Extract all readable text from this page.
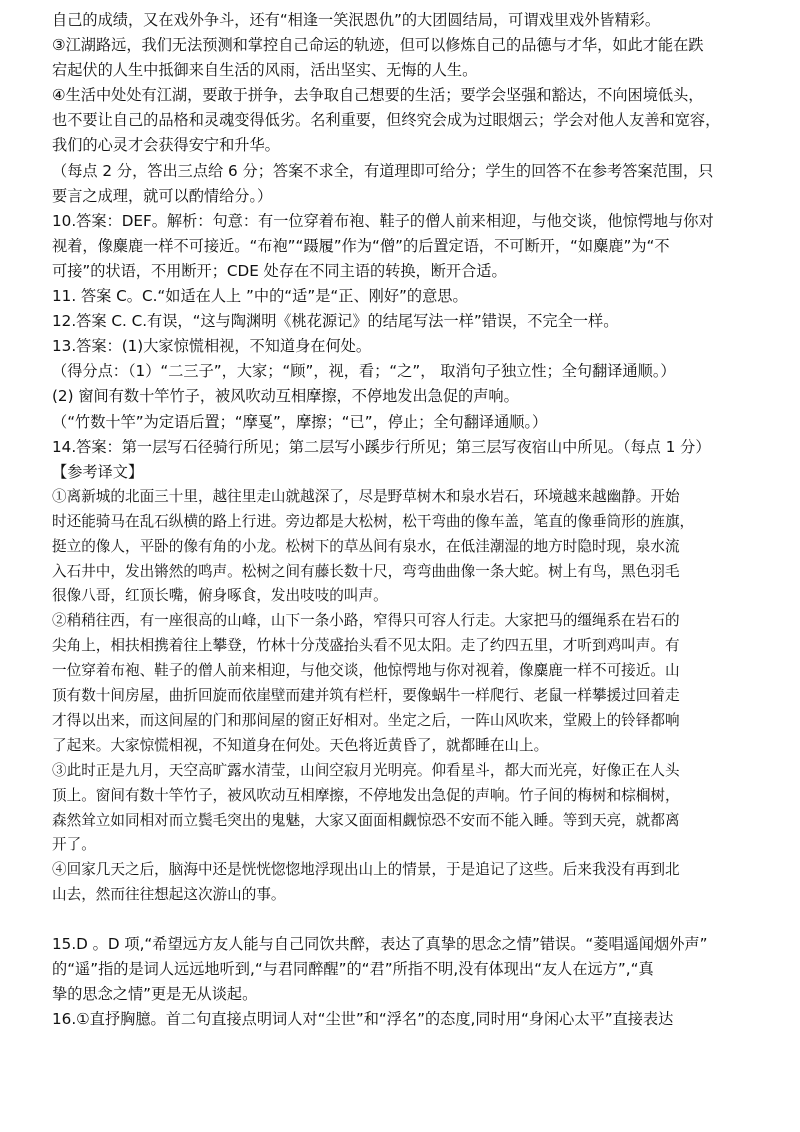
自己的成绩，又在戏外争斗，还有“相逢一笑泯恩仇”的大团圆结局，可谓戏里戏外皆精彩。
③江湖路远，我们无法预测和掌控自己命运的轨迹，但可以修炼自己的品德与才华，如此才能在跌
宕起伏的人生中抵御来自生活的风雨，活出坚实、无悔的人生。
④生活中处处有江湖，要敢于拼争，去争取自己想要的生活；要学会坚强和豁达，不向困境低头，
也不要让自己的品格和灵魂变得低劣。名利重要，但终究会成为过眼烟云；学会对他人友善和宽容，
我们的心灵才会获得安宁和升华。
（每点 2 分，答出三点给 6 分；答案不求全，有道理即可给分；学生的回答不在参考答案范围，只
要言之成理，就可以酌情给分。）
10.答案：DEF。解析：句意：有一位穿着布袍、鞋子的僧人前来相迎，与他交谈，他惊愕地与你对
视着，像麋鹿一样不可接近。“布袍”“蹑履”作为“僧”的后置定语，不可断开，“如麋鹿”为“不
可接”的状语，不用断开；CDE 处存在不同主语的转换，断开合适。
11. 答案 C。C.“如适在人上 ”中的“适”是“正、刚好”的意思。
12.答案 C. C.有误，“这与陶渊明《桃花源记》的结尾写法一样”错误，不完全一样。
13.答案：(1)大家惊慌相视，不知道身在何处。
（得分点：（1）“二三子”，大家；“顾”，视，看；“之”， 取消句子独立性；全句翻译通顺。）
(2) 窗间有数十竿竹子，被风吹动互相摩擦，不停地发出急促的声响。
（“竹数十竿”为定语后置；“摩戛”，摩擦；“已”，停止；全句翻译通顺。）
14.答案：第一层写石径骑行所见；第二层写小蹊步行所见；第三层写夜宿山中所见。（每点 1 分）
【参考译文】
①离新城的北面三十里，越往里走山就越深了，尽是野草树木和泉水岩石，环境越来越幽静。开始
时还能骑马在乱石纵横的路上行进。旁边都是大松树，松干弯曲的像车盖，笔直的像垂筒形的旌旗，
挺立的像人，平卧的像有角的小龙。松树下的草丛间有泉水，在低洼潮湿的地方时隐时现，泉水流
入石井中，发出锵然的鸣声。松树之间有藤长数十尺，弯弯曲曲像一条大蛇。树上有鸟，黑色羽毛
很像八哥，红顶长嘴，俯身啄食，发出吱吱的叫声。
②稍稍往西，有一座很高的山峰，山下一条小路，窄得只可容人行走。大家把马的缰绳系在岩石的
尖角上，相扶相携着往上攀登，竹林十分茂盛抬头看不见太阳。走了约四五里，才听到鸡叫声。有
一位穿着布袍、鞋子的僧人前来相迎，与他交谈，他惊愕地与你对视着，像麋鹿一样不可接近。山
顶有数十间房屋，曲折回旋而依崖壁而建并筑有栏杆，要像蜗牛一样爬行、老鼠一样攀援过回着走
才得以出来，而这间屋的门和那间屋的窗正好相对。坐定之后，一阵山风吹来，堂殿上的铃铎都响
了起来。大家惊慌相视，不知道身在何处。天色将近黄昏了，就都睡在山上。
③此时正是九月，天空高旷露水清莹，山间空寂月光明亮。仰看星斗，都大而光亮，好像正在人头
顶上。窗间有数十竿竹子，被风吹动互相摩擦，不停地发出急促的声响。竹子间的梅树和棕榈树，
森然耸立如同相对而立鬓毛突出的鬼魅，大家又面面相觑惊恐不安而不能入睡。等到天亮，就都离
开了。
④回家几天之后，脑海中还是恍恍惚惚地浮现出山上的情景，于是追记了这些。后来我没有再到北
山去，然而往往想起这次游山的事。
15.D 。D 项,“希望远方友人能与自己同饮共醉，表达了真挚的思念之情”错误。“菱唱遥闻烟外声”
的“遥”指的是词人远远地听到,“与君同醉醒”的“君”所指不明,没有体现出“友人在远方”,“真
挚的思念之情”更是无从谈起。
16.①直抒胸臆。首二句直接点明词人对“尘世”和“浮名”的态度,同时用“身闲心太平”直接表达
